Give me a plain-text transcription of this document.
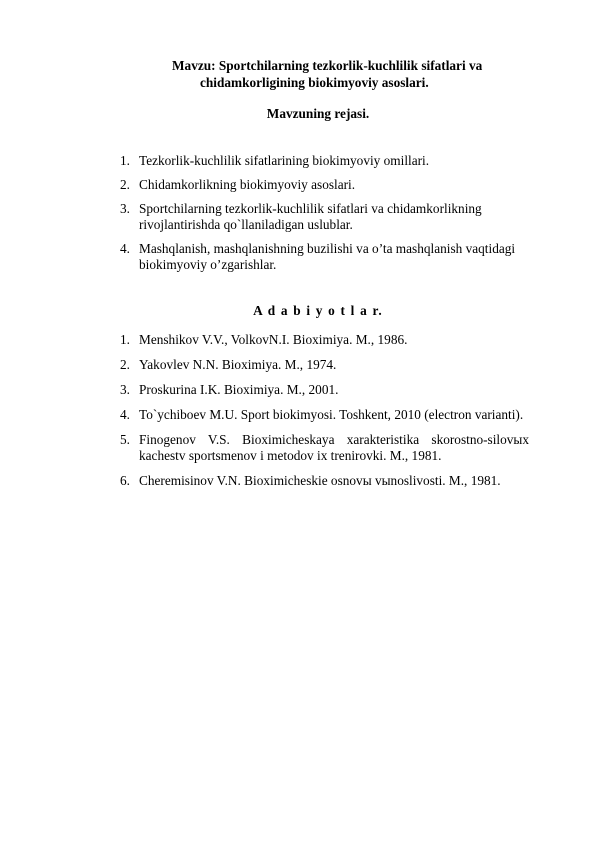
Mavzu: Sportchilarning tezkorlik-kuchlilik sifatlari va
chidamkorligining biokimyoviy asoslari.
Mavzuning rejasi.
1. Tezkorlik-kuchlilik sifatlarining biokimyoviy omillari.
2. Chidamkorlikning biokimyoviy asoslari.
3. Sportchilarning tezkorlik-kuchlilik sifatlari va chidamkorlikning rivojlantirishda qo`llaniladigan uslublar.
4. Mashqlanish, mashqlanishning buzilishi va o’ta mashqlanish vaqtidagi biokimyoviy o’zgarishlar.
A d a b i y o t l a r.
1. Menshikov V.V., VolkovN.I. Bioximiya. M., 1986.
2. Yakovlev N.N. Bioximiya. M., 1974.
3. Proskurina I.K. Bioximiya. M., 2001.
4. To`ychiboev M.U. Sport biokimyosi. Toshkent, 2010 (electron varianti).
5. Finogenov V.S. Bioximicheskaya xarakteristika skorostno-silovых
kachestv sportsmenov i metodov ix trenirovki. M., 1981.
6. Cheremisinov V.N. Bioximicheskie osnovы vыnoslivosti. M., 1981.
